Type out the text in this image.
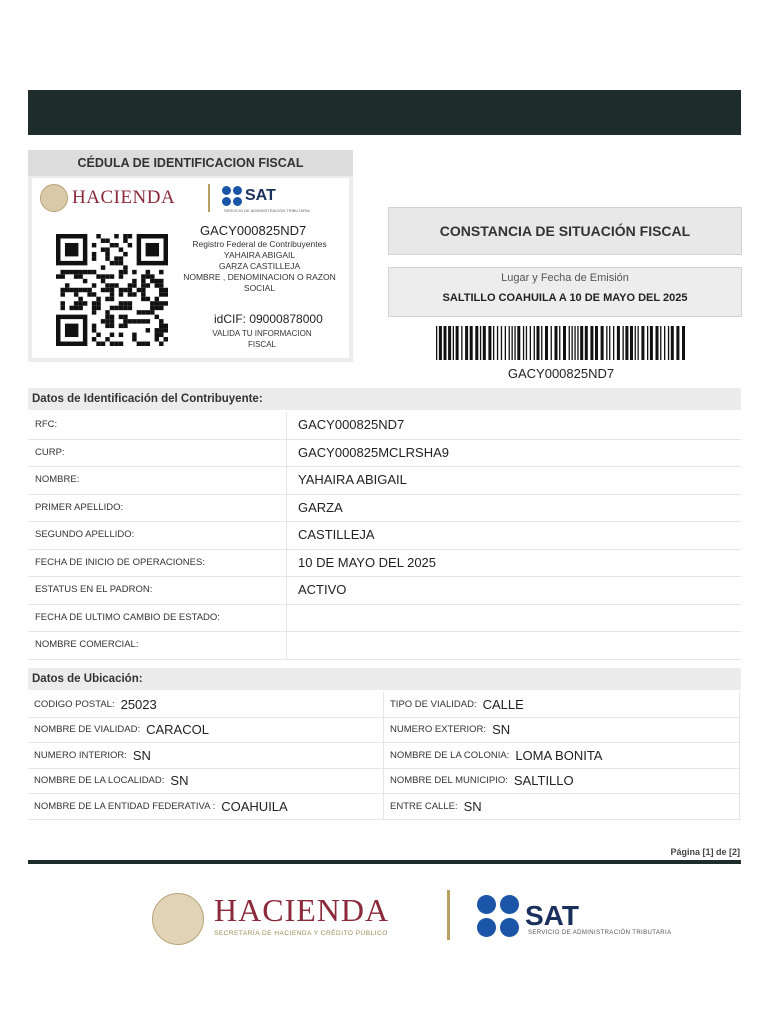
CÉDULA DE IDENTIFICACION FISCAL
HACIENDA	SAT
SERVICIO DE ADMINISTRACIÓN TRIBUTARIA
GACY000825ND7
Registro Federal de Contribuyentes
YAHAIRA ABIGAIL
GARZA CASTILLEJA
NOMBRE , DENOMINACION O RAZON SOCIAL
idCIF: 09000878000
VALIDA TU INFORMACION FISCAL
CONSTANCIA DE SITUACIÓN FISCAL
Lugar y Fecha de Emisión
SALTILLO COAHUILA A 10 DE MAYO DEL 2025
GACY000825ND7
Datos de Identificación del Contribuyente:
RFC:	GACY000825ND7
CURP:	GACY000825MCLRSHA9
NOMBRE:	YAHAIRA ABIGAIL
PRIMER APELLIDO:	GARZA
SEGUNDO APELLIDO:	CASTILLEJA
FECHA DE INICIO DE OPERACIONES:	10 DE MAYO DEL 2025
ESTATUS EN EL PADRON:	ACTIVO
FECHA DE ULTIMO CAMBIO DE ESTADO:
NOMBRE COMERCIAL:
Datos de Ubicación:
CODIGO POSTAL: 25023	TIPO DE VIALIDAD: CALLE
NOMBRE DE VIALIDAD: CARACOL	NUMERO EXTERIOR: SN
NUMERO INTERIOR: SN	NOMBRE DE LA COLONIA: LOMA BONITA
NOMBRE DE LA LOCALIDAD: SN	NOMBRE DEL MUNICIPIO: SALTILLO
NOMBRE DE LA ENTIDAD FEDERATIVA : COAHUILA	ENTRE CALLE: SN
Página [1] de [2]
HACIENDA
SECRETARÍA DE HACIENDA Y CRÉDITO PÚBLICO
SAT
SERVICIO DE ADMINISTRACIÓN TRIBUTARIA
